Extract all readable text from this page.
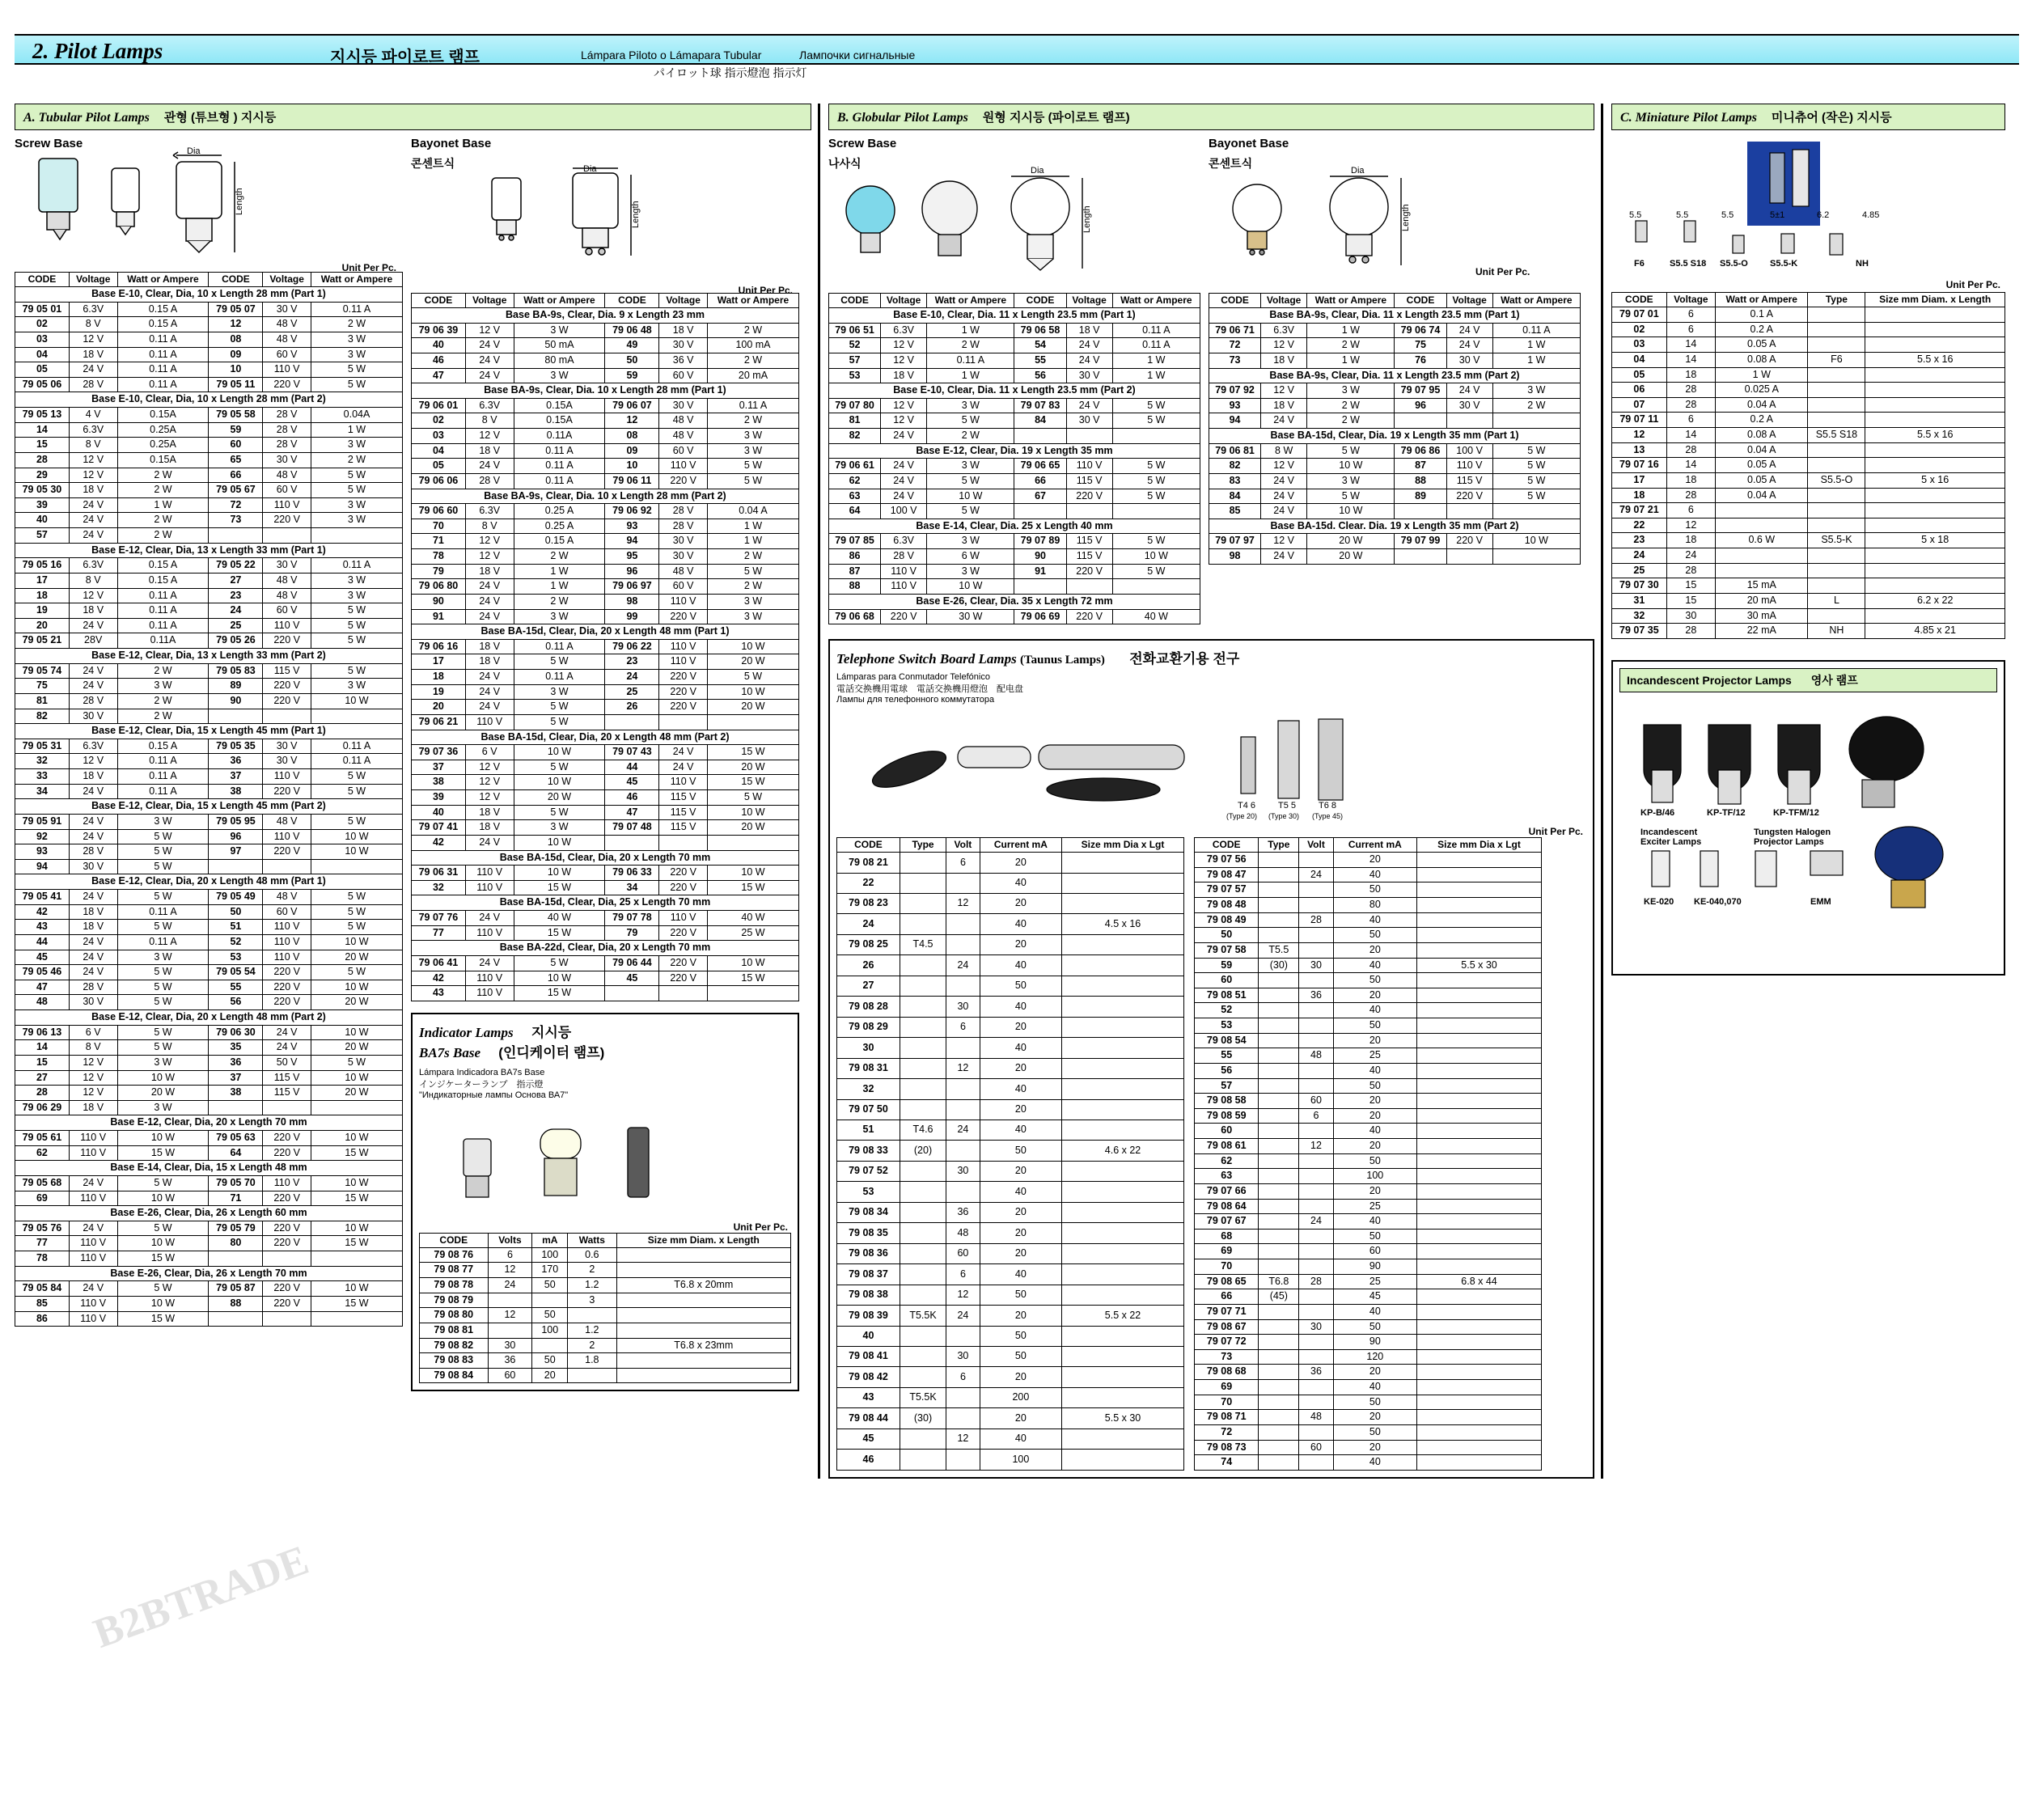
2. Pilot Lamps	지시등 파이로트 램프	Lámpara Piloto o Lámapara Tubular	Лампочки сигнальные
パイロット球 指示燈泡 指示灯
A. Tubular Pilot Lamps 관형 (튜브형 ) 지시등
Screw Base
Dia
Length
Unit Per Pc.
CODE	Voltage	Watt or Ampere	CODE	Voltage	Watt or Ampere
Base E-10, Clear, Dia, 10 x Length 28 mm (Part 1)					
79 05 01	6.3V	0.15 A	79 05 07	30 V	0.11 A
02	8 V	0.15 A	12	48 V	2 W
03	12 V	0.11 A	08	48 V	3 W
04	18 V	0.11 A	09	60 V	3 W
05	24 V	0.11 A	10	110 V	5 W
79 05 06	28 V	0.11 A	79 05 11	220 V	5 W
Base E-10, Clear, Dia, 10 x Length 28 mm (Part 2)					
79 05 13	4 V	0.15A	79 05 58	28 V	0.04A
14	6.3V	0.25A	59	28 V	1 W
15	8 V	0.25A	60	28 V	3 W
28	12 V	0.15A	65	30 V	2 W
29	12 V	2 W	66	48 V	5 W
79 05 30	18 V	2 W	79 05 67	60 V	5 W
39	24 V	1 W	72	110 V	3 W
40	24 V	2 W	73	220 V	3 W
57	24 V	2 W			
Base E-12, Clear, Dia, 13 x Length 33 mm (Part 1)					
79 05 16	6.3V	0.15 A	79 05 22	30 V	0.11 A
17	8 V	0.15 A	27	48 V	3 W
18	12 V	0.11 A	23	48 V	3 W
19	18 V	0.11 A	24	60 V	5 W
20	24 V	0.11 A	25	110 V	5 W
79 05 21	28V	0.11A	79 05 26	220 V	5 W
Base E-12, Clear, Dia, 13 x Length 33 mm (Part 2)					
79 05 74	24 V	2 W	79 05 83	115 V	5 W
75	24 V	3 W	89	220 V	3 W
81	28 V	2 W	90	220 V	10 W
82	30 V	2 W			
Base E-12, Clear, Dia, 15 x Length 45 mm (Part 1)					
79 05 31	6.3V	0.15 A	79 05 35	30 V	0.11 A
32	12 V	0.11 A	36	30 V	0.11 A
33	18 V	0.11 A	37	110 V	5 W
34	24 V	0.11 A	38	220 V	5 W
Base E-12, Clear, Dia, 15 x Length 45 mm (Part 2)					
79 05 91	24 V	3 W	79 05 95	48 V	5 W
92	24 V	5 W	96	110 V	10 W
93	28 V	5 W	97	220 V	10 W
94	30 V	5 W			
Base E-12, Clear, Dia, 20 x Length 48 mm (Part 1)					
79 05 41	24 V	5 W	79 05 49	48 V	5 W
42	18 V	0.11 A	50	60 V	5 W
43	18 V	5 W	51	110 V	5 W
44	24 V	0.11 A	52	110 V	10 W
45	24 V	3 W	53	110 V	20 W
79 05 46	24 V	5 W	79 05 54	220 V	5 W
47	28 V	5 W	55	220 V	10 W
48	30 V	5 W	56	220 V	20 W
Base E-12, Clear, Dia, 20 x Length 48 mm (Part 2)					
79 06 13	6 V	5 W	79 06 30	24 V	10 W
14	8 V	5 W	35	24 V	20 W
15	12 V	3 W	36	50 V	5 W
27	12 V	10 W	37	115 V	10 W
28	12 V	20 W	38	115 V	20 W
79 06 29	18 V	3 W			
Base E-12, Clear, Dia, 20 x Length 70 mm					
79 05 61	110 V	10 W	79 05 63	220 V	10 W
62	110 V	15 W	64	220 V	15 W
Base E-14, Clear, Dia, 15 x Length 48 mm					
79 05 68	24 V	5 W	79 05 70	110 V	10 W
69	110 V	10 W	71	220 V	15 W
Base E-26, Clear, Dia, 26 x Length 60 mm					
79 05 76	24 V	5 W	79 05 79	220 V	10 W
77	110 V	10 W	80	220 V	15 W
78	110 V	15 W			
Base E-26, Clear, Dia, 26 x Length 70 mm					
79 05 84	24 V	5 W	79 05 87	220 V	10 W
85	110 V	10 W	88	220 V	15 W
86	110 V	15 W			
Bayonet Base
콘센트식	Dia
Length
Unit Per Pc.
CODE	Voltage	Watt or Ampere	CODE	Voltage	Watt or Ampere
Base BA-9s, Clear, Dia. 9 x Length 23 mm					
79 06 39	12 V	3 W	79 06 48	18 V	2 W
40	24 V	50 mA	49	30 V	100 mA
46	24 V	80 mA	50	36 V	2 W
47	24 V	3 W	59	60 V	20 mA
Base BA-9s, Clear, Dia. 10 x Length 28 mm (Part 1)					
79 06 01	6.3V	0.15A	79 06 07	30 V	0.11 A
02	8 V	0.15A	12	48 V	2 W
03	12 V	0.11A	08	48 V	3 W
04	18 V	0.11 A	09	60 V	3 W
05	24 V	0.11 A	10	110 V	5 W
79 06 06	28 V	0.11 A	79 06 11	220 V	5 W
Base BA-9s, Clear, Dia. 10 x Length 28 mm (Part 2)					
79 06 60	6.3V	0.25 A	79 06 92	28 V	0.04 A
70	8 V	0.25 A	93	28 V	1 W
71	12 V	0.15 A	94	30 V	1 W
78	12 V	2 W	95	30 V	2 W
79	18 V	1 W	96	48 V	5 W
79 06 80	24 V	1 W	79 06 97	60 V	2 W
90	24 V	2 W	98	110 V	3 W
91	24 V	3 W	99	220 V	3 W
Base BA-15d, Clear, Dia, 20 x Length 48 mm (Part 1)					
79 06 16	18 V	0.11 A	79 06 22	110 V	10 W
17	18 V	5 W	23	110 V	20 W
18	24 V	0.11 A	24	220 V	5 W
19	24 V	3 W	25	220 V	10 W
20	24 V	5 W	26	220 V	20 W
79 06 21	110 V	5 W			
Base BA-15d, Clear, Dia, 20 x Length 48 mm (Part 2)					
79 07 36	6 V	10 W	79 07 43	24 V	15 W
37	12 V	5 W	44	24 V	20 W
38	12 V	10 W	45	110 V	15 W
39	12 V	20 W	46	115 V	5 W
40	18 V	5 W	47	115 V	10 W
79 07 41	18 V	3 W	79 07 48	115 V	20 W
42	24 V	10 W			
Base BA-15d, Clear, Dia, 20 x Length 70 mm					
79 06 31	110 V	10 W	79 06 33	220 V	10 W
32	110 V	15 W	34	220 V	15 W
Base BA-15d, Clear, Dia, 25 x Length 70 mm					
79 07 76	24 V	40 W	79 07 78	110 V	40 W
77	110 V	15 W	79	220 V	25 W
Base BA-22d, Clear, Dia, 20 x Length 70 mm					
79 06 41	24 V	5 W	79 06 44	220 V	10 W
42	110 V	10 W	45	220 V	15 W
43	110 V	15 W			
Indicator Lamps 지시등
BA7s Base (인디케이터 램프)
Lámpara Indicadora BA7s Base
インジケーターランプ　指示燈
"Индикаторные лампы Основа ВА7"
Unit Per Pc.
CODE	Volts	mA	Watts	Size mm Diam. x Length
79 08 76	6	100	0.6	
79 08 77	12	170	2	
79 08 78	24	50	1.2	T6.8 x 20mm
79 08 79			3	
79 08 80	12	50		
79 08 81		100	1.2	
79 08 82	30		2	T6.8 x 23mm
79 08 83	36	50	1.8	
79 08 84	60	20		
B. Globular Pilot Lamps 원형 지시등 (파이로트 램프)
Screw Base
나사식
Dia
Length
CODE	Voltage	Watt or Ampere	CODE	Voltage	Watt or Ampere
Base E-10, Clear, Dia. 11 x Length 23.5 mm (Part 1)					
79 06 51	6.3V	1 W	79 06 58	18 V	0.11 A
52	12 V	2 W	54	24 V	0.11 A
57	12 V	0.11 A	55	24 V	1 W
53	18 V	1 W	56	30 V	1 W
Base E-10, Clear, Dia. 11 x Length 23.5 mm (Part 2)					
79 07 80	12 V	3 W	79 07 83	24 V	5 W
81	12 V	5 W	84	30 V	5 W
82	24 V	2 W			
Base E-12, Clear, Dia. 19 x Length 35 mm					
79 06 61	24 V	3 W	79 06 65	110 V	5 W
62	24 V	5 W	66	115 V	5 W
63	24 V	10 W	67	220 V	5 W
64	100 V	5 W			
Base E-14, Clear, Dia. 25 x Length 40 mm					
79 07 85	6.3V	3 W	79 07 89	115 V	5 W
86	28 V	6 W	90	115 V	10 W
87	110 V	3 W	91	220 V	5 W
88	110 V	10 W			
Base E-26, Clear, Dia. 35 x Length 72 mm					
79 06 68	220 V	30 W	79 06 69	220 V	40 W
Bayonet Base
콘센트식
Dia
Length
Unit Per Pc.
CODE	Voltage	Watt or Ampere	CODE	Voltage	Watt or Ampere
Base BA-9s, Clear, Dia. 11 x Length 23.5 mm (Part 1)					
79 06 71	6.3V	1 W	79 06 74	24 V	0.11 A
72	12 V	2 W	75	24 V	1 W
73	18 V	1 W	76	30 V	1 W
Base BA-9s, Clear, Dia. 11 x Length 23.5 mm (Part 2)					
79 07 92	12 V	3 W	79 07 95	24 V	3 W
93	18 V	2 W	96	30 V	2 W
94	24 V	2 W			
Base BA-15d, Clear, Dia. 19 x Length 35 mm (Part 1)					
79 06 81	8 W	5 W	79 06 86	100 V	5 W
82	12 V	10 W	87	110 V	5 W
83	24 V	3 W	88	115 V	5 W
84	24 V	5 W	89	220 V	5 W
85	24 V	10 W			
Base BA-15d. Clear. Dia. 19 x Length 35 mm (Part 2)					
79 07 97	12 V	20 W	79 07 99	220 V	10 W
98	24 V	20 W			
Telephone Switch Board Lamps (Taunus Lamps) 전화교환기용 전구
Lámparas para Conmutador Telefónico
電話交換機用電球　電話交換機用燈泡　配电盘
Лампы для телефонного коммутатора
T4 6	T5 5	T6 8
(Type 20) (Type 30) (Type 45)
Unit Per Pc.
CODE	Type	Volt	Current mA	Size mm Dia x Lgt
79 08 21		6	20	
22			40	
79 08 23		12	20	
24			40	4.5 x 16
79 08 25	T4.5		20	
26		24	40	
27			50	
79 08 28		30	40	
79 08 29		6	20	
30			40	
79 08 31		12	20	
32			40	
79 07 50			20	
51	T4.6	24	40	
79 08 33	(20)		50	4.6 x 22
79 07 52		30	20	
53			40	
79 08 34		36	20	
79 08 35		48	20	
79 08 36		60	20	
79 08 37		6	40	
79 08 38		12	50	
79 08 39	T5.5K	24	20	5.5 x 22
40			50	
79 08 41		30	50	
79 08 42		6	20	
43	T5.5K		200	
79 08 44	(30)		20	5.5 x 30
45		12	40	
46			100	
CODE	Type	Volt	Current mA	Size mm Dia x Lgt
79 07 56			20	
79 08 47		24	40	
79 07 57			50	
79 08 48			80	
79 08 49		28	40	
50			50	
79 07 58	T5.5		20	
59	(30)	30	40	5.5 x 30
60			50	
79 08 51		36	20	
52			40	
53			50	
79 08 54			20	
55		48	25	
56			40	
57			50	
79 08 58		60	20	
79 08 59		6	20	
60			40	
79 08 61		12	20	
62			50	
63			100	
79 07 66			20	
79 08 64			25	
79 07 67		24	40	
68			50	
69			60	
70			90	
79 08 65	T6.8	28	25	6.8 x 44
66	(45)		45	
79 07 71			40	
79 08 67		30	50	
79 07 72			90	
73			120	
79 08 68		36	20	
69			40	
70			50	
79 08 71		48	20	
72			50	
79 08 73		60	20	
74			40	
C. Miniature Pilot Lamps 미니츄어 (작은) 지시등
5.5	5.5	5.5	5±1	6.2	4.85
F6	S5.5 S18 S5.5-O S5.5-K	NH
Unit Per Pc.
CODE	Voltage	Watt or Ampere	Type	Size mm Diam. x Length
79 07 01	6	0.1 A		
02	6	0.2 A		
03	14	0.05 A		
04	14	0.08 A	F6	5.5 x 16
05	18	1 W		
06	28	0.025 A		
07	28	0.04 A		
79 07 11	6	0.2 A		
12	14	0.08 A	S5.5 S18	5.5 x 16
13	28	0.04 A		
79 07 16	14	0.05 A		
17	18	0.05 A	S5.5-O	5 x 16
18	28	0.04 A		
79 07 21	6			
22	12			
23	18	0.6 W	S5.5-K	5 x 18
24	24			
25	28			
79 07 30	15	15 mA		
31	15	20 mA	L	6.2 x 22
32	30	30 mA		
79 07 35	28	22 mA	NH	4.85 x 21
Incandescent Projector Lamps 영사 램프
KP-B/46	KP-TF/12	KP-TFM/12
Incandescent
Exciter Lamps
Tungsten Halogen
Projector Lamps
KE-020 KE-040,070	EMM
B2BTRADE
